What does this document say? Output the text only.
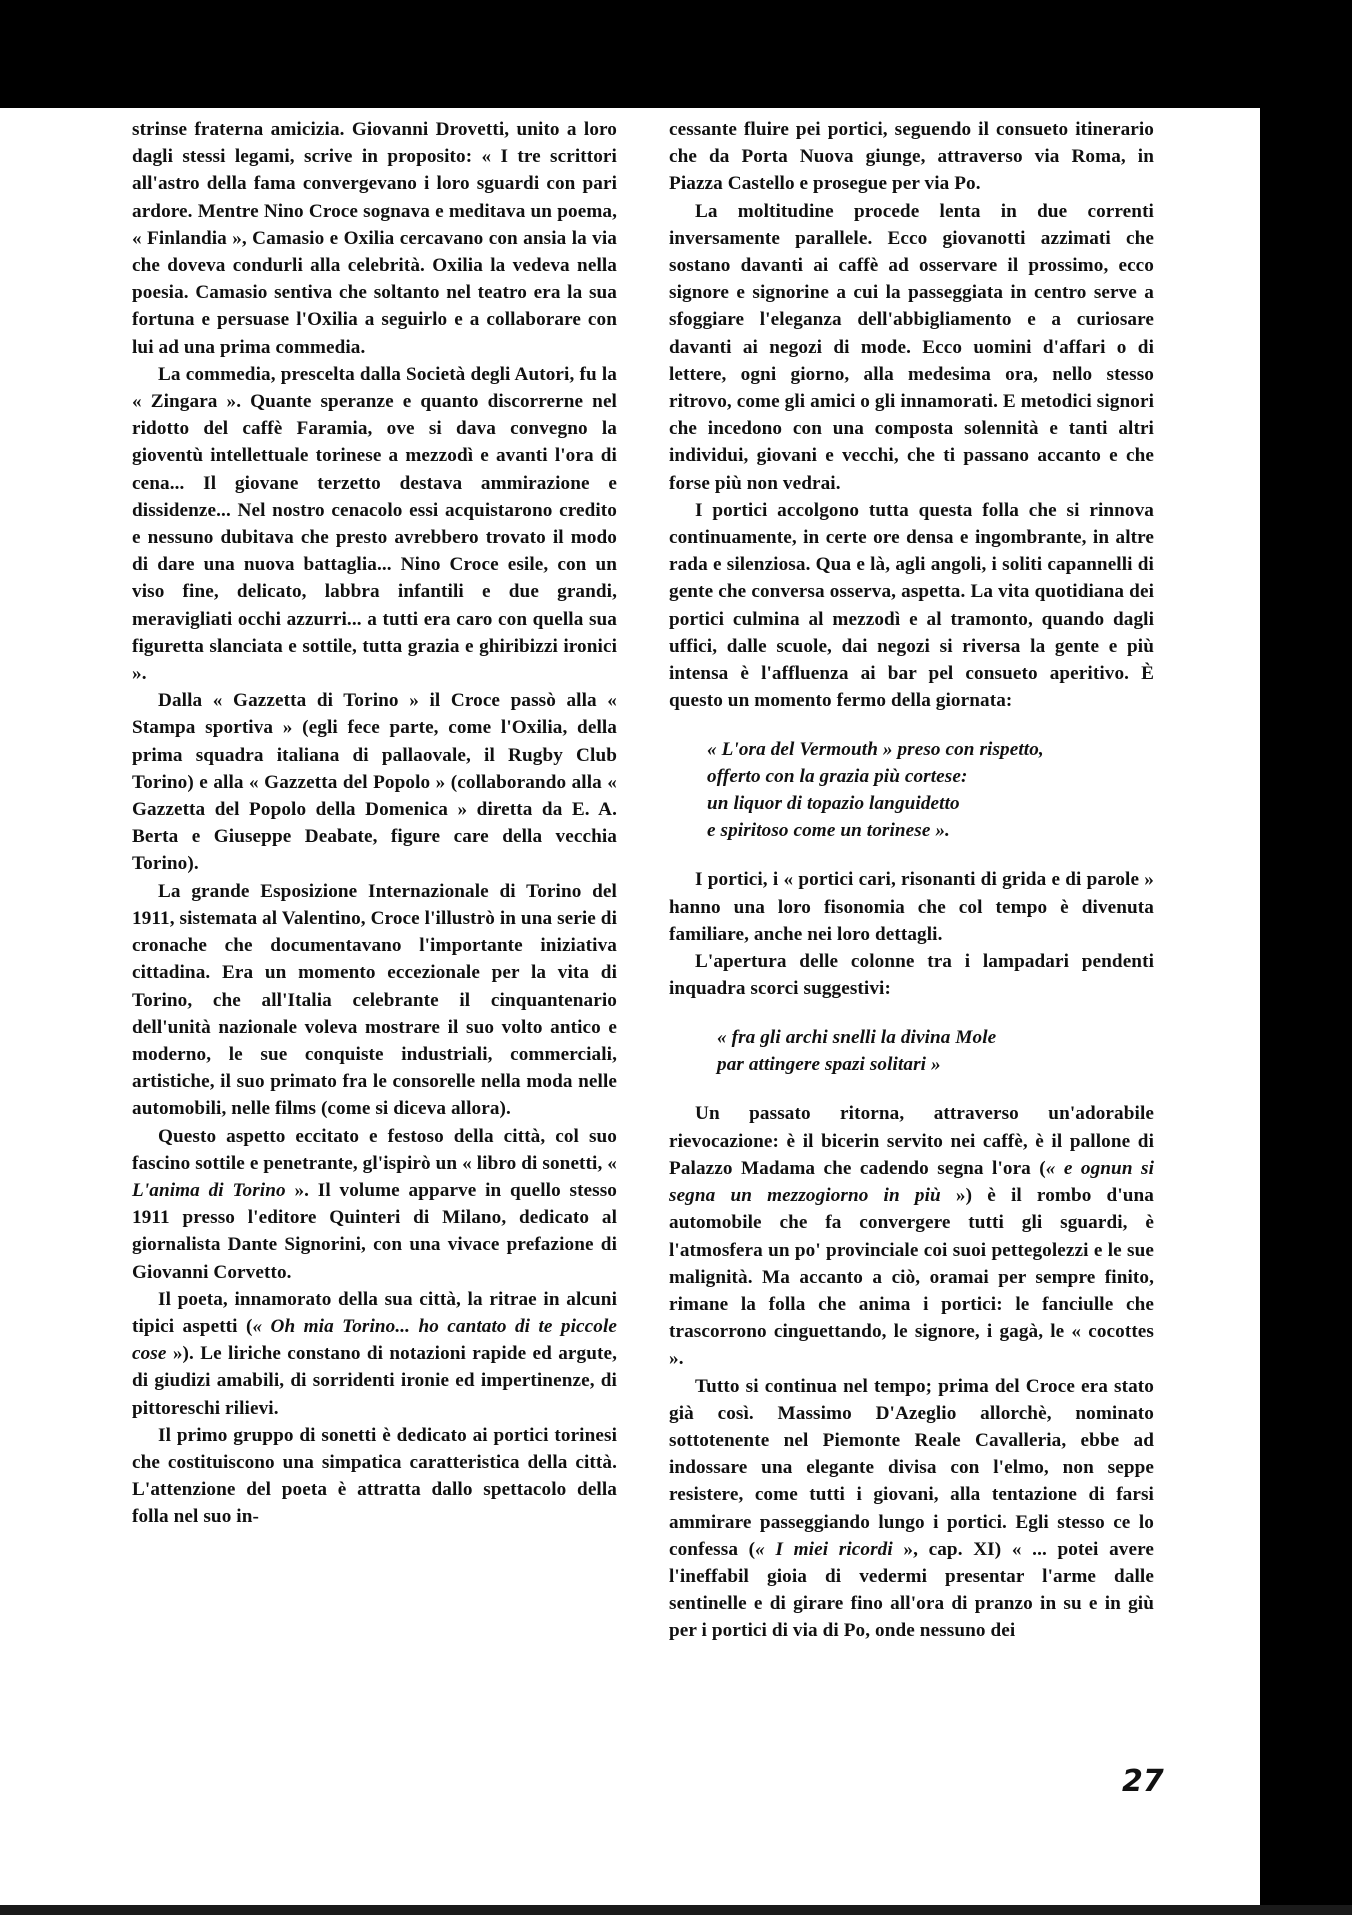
strinse fraterna amicizia. Giovanni Drovetti, unito a loro dagli stessi legami, scrive in proposito: « I tre scrittori all'astro della fama convergevano i loro sguardi con pari ardore. Mentre Nino Croce sognava e meditava un poema, « Finlandia », Camasio e Oxilia cercavano con ansia la via che doveva condurli alla celebrità. Oxilia la vedeva nella poesia. Camasio sentiva che soltanto nel teatro era la sua fortuna e persuase l'Oxilia a seguirlo e a collaborare con lui ad una prima commedia.

La commedia, prescelta dalla Società degli Autori, fu la « Zingara ». Quante speranze e quanto discorrerne nel ridotto del caffè Faramia, ove si dava convegno la gioventù intellettuale torinese a mezzodì e avanti l'ora di cena... Il giovane terzetto destava ammirazione e dissidenze... Nel nostro cenacolo essi acquistarono credito e nessuno dubitava che presto avrebbero trovato il modo di dare una nuova battaglia... Nino Croce esile, con un viso fine, delicato, labbra infantili e due grandi, meravigliati occhi azzurri... a tutti era caro con quella sua figuretta slanciata e sottile, tutta grazia e ghiribizzi ironici ».

Dalla « Gazzetta di Torino » il Croce passò alla « Stampa sportiva » (egli fece parte, come l'Oxilia, della prima squadra italiana di pallaovale, il Rugby Club Torino) e alla « Gazzetta del Popolo » (collaborando alla « Gazzetta del Popolo della Domenica » diretta da E. A. Berta e Giuseppe Deabate, figure care della vecchia Torino).

La grande Esposizione Internazionale di Torino del 1911, sistemata al Valentino, Croce l'illustrò in una serie di cronache che documentavano l'importante iniziativa cittadina. Era un momento eccezionale per la vita di Torino, che all'Italia celebrante il cinquantenario dell'unità nazionale voleva mostrare il suo volto antico e moderno, le sue conquiste industriali, commerciali, artistiche, il suo primato fra le consorelle nella moda nelle automobili, nelle films (come si diceva allora).

Questo aspetto eccitato e festoso della città, col suo fascino sottile e penetrante, gl'ispirò un « libro di sonetti, « L'anima di Torino ». Il volume apparve in quello stesso 1911 presso l'editore Quinteri di Milano, dedicato al giornalista Dante Signorini, con una vivace prefazione di Giovanni Corvetto.

Il poeta, innamorato della sua città, la ritrae in alcuni tipici aspetti (« Oh mia Torino... ho cantato di te piccole cose »). Le liriche constano di notazioni rapide ed argute, di giudizi amabili, di sorridenti ironie ed impertinenze, di pittoreschi rilievi.

Il primo gruppo di sonetti è dedicato ai portici torinesi che costituiscono una simpatica caratteristica della città. L'attenzione del poeta è attratta dallo spettacolo della folla nel suo in-

cessante fluire pei portici, seguendo il consueto itinerario che da Porta Nuova giunge, attraverso via Roma, in Piazza Castello e prosegue per via Po.

La moltitudine procede lenta in due correnti inversamente parallele. Ecco giovanotti azzimati che sostano davanti ai caffè ad osservare il prossimo, ecco signore e signorine a cui la passeggiata in centro serve a sfoggiare l'eleganza dell'abbigliamento e a curiosare davanti ai negozi di mode. Ecco uomini d'affari o di lettere, ogni giorno, alla medesima ora, nello stesso ritrovo, come gli amici o gli innamorati. E metodici signori che incedono con una composta solennità e tanti altri individui, giovani e vecchi, che ti passano accanto e che forse più non vedrai.

I portici accolgono tutta questa folla che si rinnova continuamente, in certe ore densa e ingombrante, in altre rada e silenziosa. Qua e là, agli angoli, i soliti capannelli di gente che conversa osserva, aspetta. La vita quotidiana dei portici culmina al mezzodì e al tramonto, quando dagli uffici, dalle scuole, dai negozi si riversa la gente e più intensa è l'affluenza ai bar pel consueto aperitivo. È questo un momento fermo della giornata:

« L'ora del Vermouth » preso con rispetto,
offerto con la grazia più cortese:
un liquor di topazio languidetto
e spiritoso come un torinese ».

I portici, i « portici cari, risonanti di grida e di parole » hanno una loro fisonomia che col tempo è divenuta familiare, anche nei loro dettagli.

L'apertura delle colonne tra i lampadari pendenti inquadra scorci suggestivi:

« fra gli archi snelli la divina Mole
par attingere spazi solitari »

Un passato ritorna, attraverso un'adorabile rievocazione: è il bicerin servito nei caffè, è il pallone di Palazzo Madama che cadendo segna l'ora (« e ognun si segna un mezzogiorno in più ») è il rombo d'una automobile che fa convergere tutti gli sguardi, è l'atmosfera un po' provinciale coi suoi pettegolezzi e le sue malignità. Ma accanto a ciò, oramai per sempre finito, rimane la folla che anima i portici: le fanciulle che trascorrono cinguettando, le signore, i gagà, le « cocottes ».

Tutto si continua nel tempo; prima del Croce era stato già così. Massimo D'Azeglio allorchè, nominato sottotenente nel Piemonte Reale Cavalleria, ebbe ad indossare una elegante divisa con l'elmo, non seppe resistere, come tutti i giovani, alla tentazione di farsi ammirare passeggiando lungo i portici. Egli stesso ce lo confessa (« I miei ricordi », cap. XI) « ... potei avere l'ineffabil gioia di vedermi presentar l'arme dalle sentinelle e di girare fino all'ora di pranzo in su e in giù per i portici di via di Po, onde nessuno dei

27
